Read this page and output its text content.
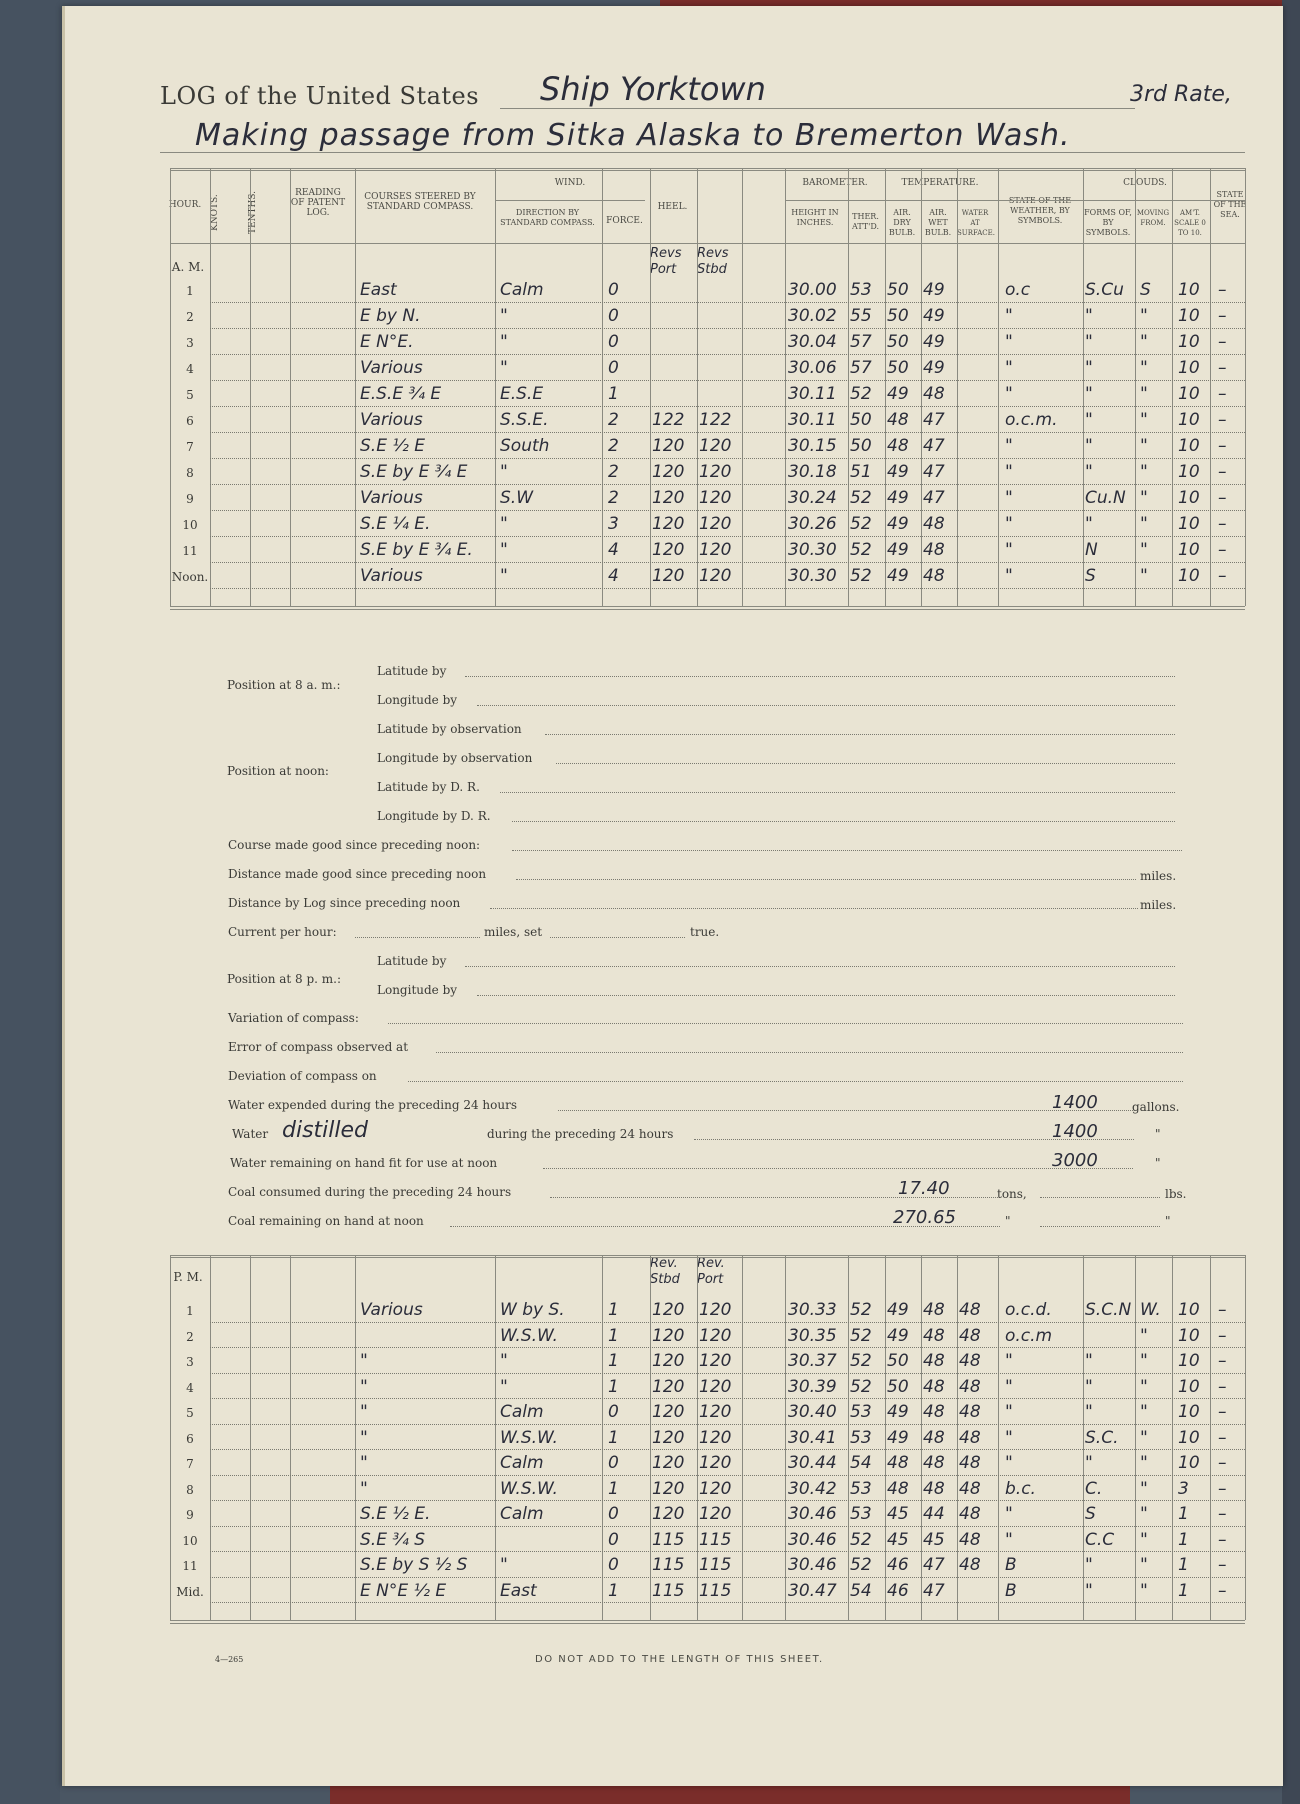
LOG of the United States Ship Yorktown	3rd Rate,
Making passage from Sitka Alaska to Bremerton Wash.
HOUR. KNOTS.	TENTHS.	READING OF PATENT LOG.
COURSES STEERED BY STANDARD COMPASS.
WIND.
DIRECTION BY STANDARD COMPASS.	FORCE.
HEEL.
BAROMETER.
HEIGHT IN INCHES.
THER. ATT'D.
TEMPERATURE.
AIR. DRY BULB.
AIR. WET BULB.
WATER AT SURFACE.
STATE OF THE WEATHER, BY SYMBOLS.
CLOUDS.
FORMS OF, BY SYMBOLS.
MOVING FROM.
AM'T. SCALE 0 TO 10.
STATE OF THE SEA.
A. M.
Revs Port
Revs Stbd
1	East	Calm	0	30.00 53 50 49	o.c	S.Cu S	10	–
2	E by N.	"	0	30.02 55 50 49	"	"	"	10	–
3	E N°E.	"	0	30.04 57 50 49	"	"	"	10	–
4	Various	"	0	30.06 57 50 49	"	"	"	10	–
5	E.S.E ¾ E	E.S.E	1	30.11 52 49 48	"	"	"	10	–
6	Various	S.S.E.	2	122 122	30.11 50 48 47	o.c.m.	"	"	10	–
7	S.E ½ E	South	2	120 120	30.15 50 48 47	"	"	"	10	–
8	S.E by E ¾ E	"	2	120 120	30.18 51 49 47	"	"	"	10	–
9	Various	S.W	2	120 120	30.24 52 49 47	"	Cu.N "	10	–
10	S.E ¼ E.	"	3	120 120	30.26 52 49 48	"	"	"	10	–
11	S.E by E ¾ E.	"	4	120 120	30.30 52 49 48	"	N	"	10	–
Noon.	Various	"	4	120 120	30.30 52 49 48	"	S	"	10	–
Position at 8 a. m.:
Latitude by
Longitude by
Position at noon:
Latitude by observation
Longitude by observation
Latitude by D. R.
Longitude by D. R.
Course made good since preceding noon:
Distance made good since preceding noon	miles.
Distance by Log since preceding noon	miles.
Current per hour:	miles, set	true.
Position at 8 p. m.:
Latitude by
Longitude by
Variation of compass:
Error of compass observed at
Deviation of compass on
Water expended during the preceding 24 hours	1400	gallons.
Water distilled	during the preceding 24 hours	1400	"
Water remaining on hand fit for use at noon	3000	"
Coal consumed during the preceding 24 hours	17.40	tons,	lbs.
Coal remaining on hand at noon	270.65	"	"
P. M.
Rev. Stbd
Rev. Port
1	Various	W by S.	1	120 120	30.33 52 49 48 48	o.c.d.	S.C.N W.	10	–
2	W.S.W.	1	120 120	30.35 52 49 48 48	o.c.m	"	10	–
3	"	"	1	120 120	30.37 52 50 48 48	"	"	"	10	–
4	"	"	1	120 120	30.39 52 50 48 48	"	"	"	10	–
5	"	Calm	0	120 120	30.40 53 49 48 48	"	"	"	10	–
6	"	W.S.W.	1	120 120	30.41 53 49 48 48	"	S.C.	"	10	–
7	"	Calm	0	120 120	30.44 54 48 48 48	"	"	"	10	–
8	"	W.S.W.	1	120 120	30.42 53 48 48 48	b.c.	C.	"	3	–
9	S.E ½ E.	Calm	0	120 120	30.46 53 45 44 48	"	S	"	1	–
10	S.E ¾ S	0	115 115	30.46 52 45 45 48	"	C.C	"	1	–
11	S.E by S ½ S	"	0	115 115	30.46 52 46 47 48	B	"	"	1	–
Mid.	E N°E ½ E	East	1	115 115	30.47 54 46 47	B	"	"	1	–
4—265	DO NOT ADD TO THE LENGTH OF THIS SHEET.
